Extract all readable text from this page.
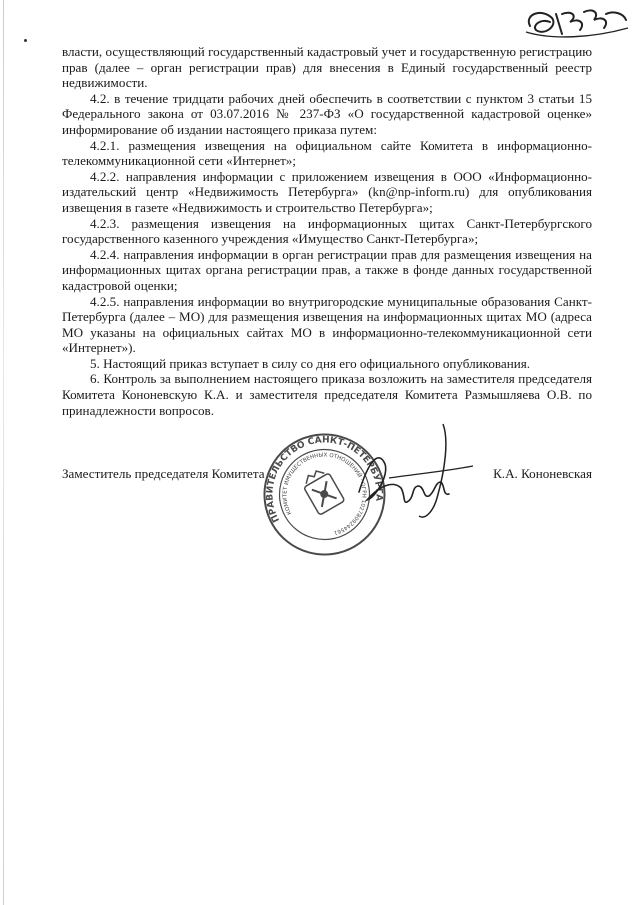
власти, осуществляющий государственный кадастровый учет и государственную регистрацию прав (далее – орган регистрации прав) для внесения в Единый государственный реестр недвижимости.

4.2. в течение тридцати рабочих дней обеспечить в соответствии с пунктом 3 статьи 15 Федерального закона от 03.07.2016 № 237-ФЗ «О государственной кадастровой оценке» информирование об издании настоящего приказа путем:

4.2.1. размещения извещения на официальном сайте Комитета в информационно-телекоммуникационной сети «Интернет»;

4.2.2. направления информации с приложением извещения в ООО «Информационно-издательский центр «Недвижимость Петербурга» (kn@np-inform.ru) для опубликования извещения в газете «Недвижимость и строительство Петербурга»;

4.2.3. размещения извещения на информационных щитах Санкт-Петербургского государственного казенного учреждения «Имущество Санкт-Петербурга»;

4.2.4. направления информации в орган регистрации прав для размещения извещения на информационных щитах органа регистрации прав, а также в фонде данных государственной кадастровой оценки;

4.2.5. направления информации во внутригородские муниципальные образования Санкт-Петербурга (далее – МО) для размещения извещения на информационных щитах МО (адреса МО указаны на официальных сайтах МО в информационно-телекоммуникационной сети «Интернет»).

5. Настоящий приказ вступает в силу со дня его официального опубликования.

6. Контроль за выполнением настоящего приказа возложить на заместителя председателя Комитета Кононевскую К.А. и заместителя председателя Комитета Размышляева О.В. по принадлежности вопросов.

ПРАВИТЕЛЬСТВО САНКТ-ПЕТЕРБУРГА
КОМИТЕТ ИМУЩЕСТВЕННЫХ ОТНОШЕНИЙ · ОГРН 1027809244561
Заместитель председателя Комитета	К.А. Кононевская
